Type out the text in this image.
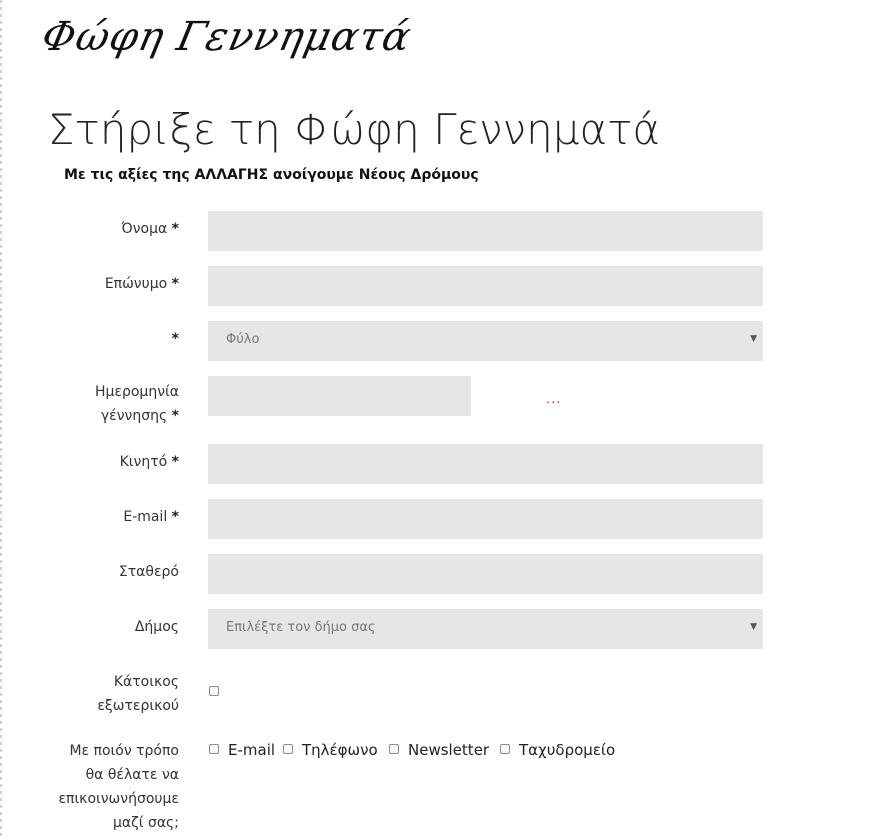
Φώφη Γεννηματά
Στήριξε τη Φώφη Γεννηματά
Με τις αξίες της ΑΛΛΑΓΗΣ ανοίγουμε Νέους Δρόμους
Όνομα *
Επώνυμο *
*	Φύλο	▼
Ημερομηνία
γέννησης *
···
Κινητό *
E-mail *
Σταθερό
Δήμος	Επιλέξτε τον δήμο σας	▼
Κάτοικος
εξωτερικού
Με ποιόν τρόπο
θα θέλατε να
επικοινωνήσουμε
μαζί σας;
E-mail Τηλέφωνο Newsletter Ταχυδρομείο
